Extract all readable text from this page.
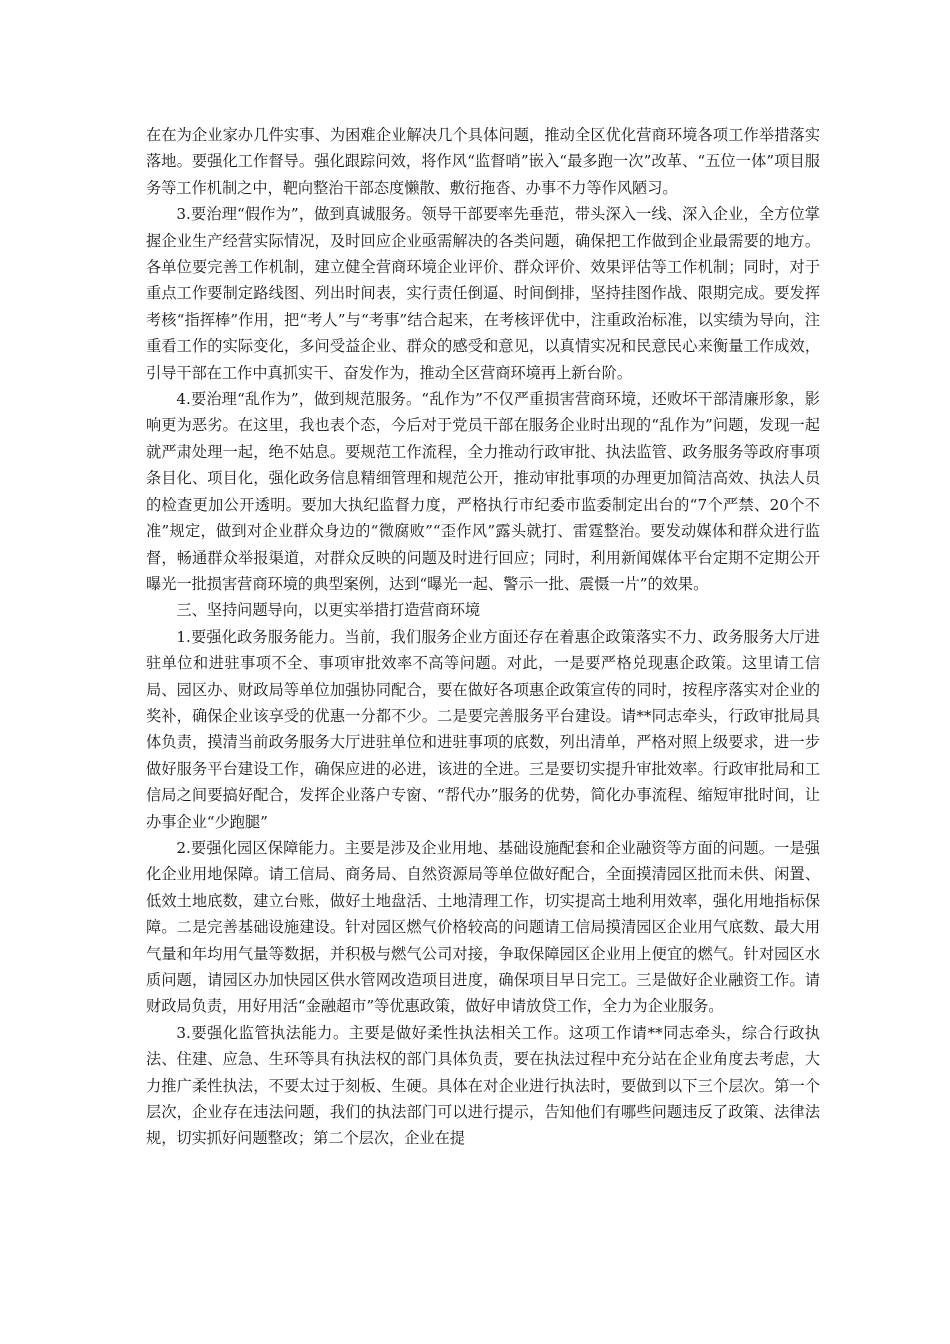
在在为企业家办几件实事、为困难企业解决几个具体问题，推动全区优化营商环境各项工作举措落实落地。要强化工作督导。强化跟踪问效，将作风“监督哨”嵌入“最多跑一次”改革、“五位一体”项目服务等工作机制之中，靶向整治干部态度懒散、敷衍拖沓、办事不力等作风陋习。

3.要治理“假作为”，做到真诚服务。领导干部要率先垂范，带头深入一线、深入企业，全方位掌握企业生产经营实际情况，及时回应企业亟需解决的各类问题，确保把工作做到企业最需要的地方。各单位要完善工作机制，建立健全营商环境企业评价、群众评价、效果评估等工作机制；同时，对于重点工作要制定路线图、列出时间表，实行责任倒逼、时间倒排，坚持挂图作战、限期完成。要发挥考核“指挥棒”作用，把“考人”与“考事”结合起来，在考核评优中，注重政治标准，以实绩为导向，注重看工作的实际变化，多问受益企业、群众的感受和意见，以真情实况和民意民心来衡量工作成效，引导干部在工作中真抓实干、奋发作为，推动全区营商环境再上新台阶。

4.要治理“乱作为”，做到规范服务。“乱作为”不仅严重损害营商环境，还败坏干部清廉形象，影响更为恶劣。在这里，我也表个态，今后对于党员干部在服务企业时出现的“乱作为”问题，发现一起就严肃处理一起，绝不姑息。要规范工作流程，全力推动行政审批、执法监管、政务服务等政府事项条目化、项目化，强化政务信息精细管理和规范公开，推动审批事项的办理更加简洁高效、执法人员的检查更加公开透明。要加大执纪监督力度，严格执行市纪委市监委制定出台的“7个严禁、20个不准”规定，做到对企业群众身边的“微腐败”“歪作风”露头就打、雷霆整治。要发动媒体和群众进行监督，畅通群众举报渠道，对群众反映的问题及时进行回应；同时，利用新闻媒体平台定期不定期公开曝光一批损害营商环境的典型案例，达到“曝光一起、警示一批、震慑一片”的效果。

三、坚持问题导向，以更实举措打造营商环境

1.要强化政务服务能力。当前，我们服务企业方面还存在着惠企政策落实不力、政务服务大厅进驻单位和进驻事项不全、事项审批效率不高等问题。对此，一是要严格兑现惠企政策。这里请工信局、园区办、财政局等单位加强协同配合，要在做好各项惠企政策宣传的同时，按程序落实对企业的奖补，确保企业该享受的优惠一分都不少。二是要完善服务平台建设。请**同志牵头，行政审批局具体负责，摸清当前政务服务大厅进驻单位和进驻事项的底数，列出清单，严格对照上级要求，进一步做好服务平台建设工作，确保应进的必进，该进的全进。三是要切实提升审批效率。行政审批局和工信局之间要搞好配合，发挥企业落户专窗、“帮代办”服务的优势，简化办事流程、缩短审批时间，让办事企业“少跑腿”

2.要强化园区保障能力。主要是涉及企业用地、基础设施配套和企业融资等方面的问题。一是强化企业用地保障。请工信局、商务局、自然资源局等单位做好配合，全面摸清园区批而未供、闲置、低效土地底数，建立台账，做好土地盘活、土地清理工作，切实提高土地利用效率，强化用地指标保障。二是完善基础设施建设。针对园区燃气价格较高的问题请工信局摸清园区企业用气底数、最大用气量和年均用气量等数据，并积极与燃气公司对接，争取保障园区企业用上便宜的燃气。针对园区水质问题，请园区办加快园区供水管网改造项目进度，确保项目早日完工。三是做好企业融资工作。请财政局负责，用好用活“金融超市”等优惠政策，做好申请放贷工作，全力为企业服务。

3.要强化监管执法能力。主要是做好柔性执法相关工作。这项工作请**同志牵头，综合行政执法、住建、应急、生环等具有执法权的部门具体负责，要在执法过程中充分站在企业角度去考虑，大力推广柔性执法，不要太过于刻板、生硬。具体在对企业进行执法时，要做到以下三个层次。第一个层次，企业存在违法问题，我们的执法部门可以进行提示，告知他们有哪些问题违反了政策、法律法规，切实抓好问题整改；第二个层次，企业在提
